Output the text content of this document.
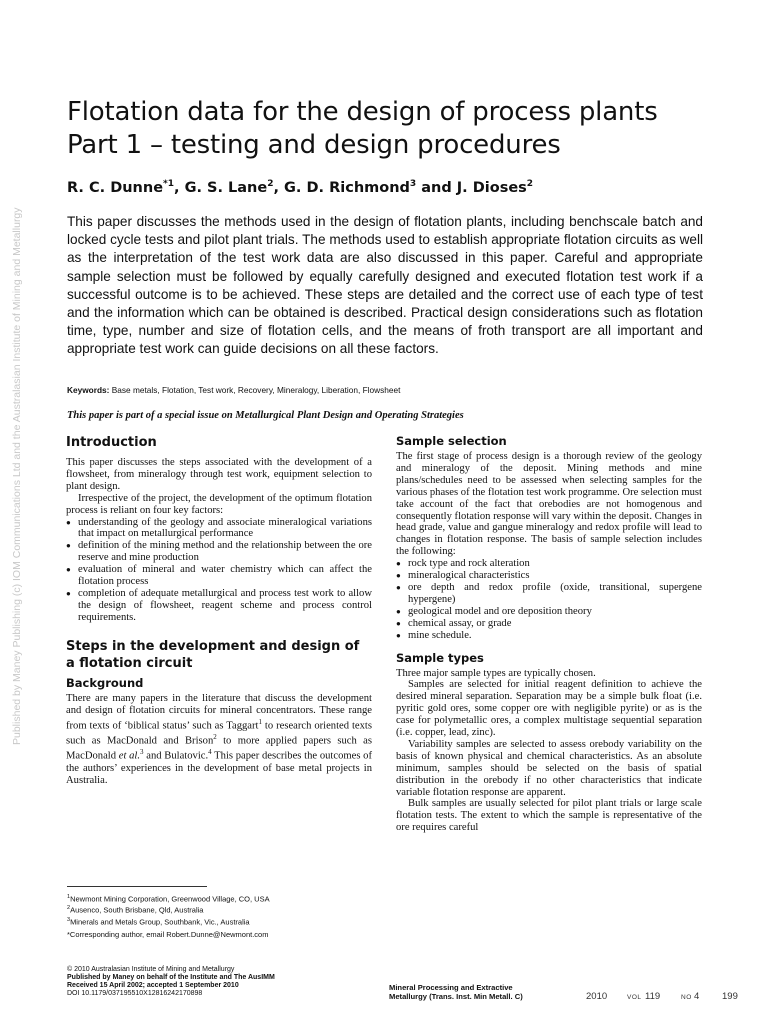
Published by Maney Publishing (c) IOM Communications Ltd and the Australasian Institute of Mining and Metallurgy
Flotation data for the design of process plants
Part 1 – testing and design procedures
R. C. Dunne$^{*1}$, G. S. Lane$^2$, G. D. Richmond$^3$ and J. Dioses$^2$
This paper discusses the methods used in the design of flotation plants, including benchscale batch and locked cycle tests and pilot plant trials. The methods used to establish appropriate flotation circuits as well as the interpretation of the test work data are also discussed in this paper. Careful and appropriate sample selection must be followed by equally carefully designed and executed flotation test work if a successful outcome is to be achieved. These steps are detailed and the correct use of each type of test and the information which can be obtained is described. Practical design considerations such as flotation time, type, number and size of flotation cells, and the means of froth transport are all important and appropriate test work can guide decisions on all these factors.
Keywords: Base metals, Flotation, Test work, Recovery, Mineralogy, Liberation, Flowsheet
This paper is part of a special issue on Metallurgical Plant Design and Operating Strategies
Introduction

This paper discusses the steps associated with the development of a flowsheet, from mineralogy through test work, equipment selection to plant design.

Irrespective of the project, the development of the optimum flotation process is reliant on four key factors:

● understanding of the geology and associate mineralogical variations that impact on metallurgical performance
● definition of the mining method and the relationship between the ore reserve and mine production
● evaluation of mineral and water chemistry which can affect the flotation process
● completion of adequate metallurgical and process test work to allow the design of flowsheet, reagent scheme and process control requirements.
Steps in the development and design of a flotation circuit
Background

There are many papers in the literature that discuss the development and design of flotation circuits for mineral concentrators. These range from texts of ‘biblical status’ such as Taggart$^1$ to research oriented texts such as MacDonald and Brison$^2$ to more applied papers such as MacDonald et al.$^3$ and Bulatovic.$^4$ This paper describes the outcomes of the authors’ experiences in the development of base metal projects in Australia.

$^1$Newmont Mining Corporation, Greenwood Village, CO, USA
$^2$Ausenco, South Brisbane, Qld, Australia
$^3$Minerals and Metals Group, Southbank, Vic., Australia
*Corresponding author, email Robert.Dunne@Newmont.com
Sample selection

The first stage of process design is a thorough review of the geology and mineralogy of the deposit. Mining methods and mine plans/schedules need to be assessed when selecting samples for the various phases of the flotation test work programme. Ore selection must take account of the fact that orebodies are not homogenous and consequently flotation response will vary within the deposit. Changes in head grade, value and gangue mineralogy and redox profile will lead to changes in flotation response. The basis of sample selection includes the following:

● rock type and rock alteration
● mineralogical characteristics
● ore depth and redox profile (oxide, transitional, supergene hypergene)
● geological model and ore deposition theory
● chemical assay, or grade
● mine schedule.
Sample types

Three major sample types are typically chosen.

Samples are selected for initial reagent definition to achieve the desired mineral separation. Separation may be a simple bulk float (i.e. pyritic gold ores, some copper ore with negligible pyrite) or as is the case for polymetallic ores, a complex multistage sequential separation (i.e. copper, lead, zinc).

Variability samples are selected to assess orebody variability on the basis of known physical and chemical characteristics. As an absolute minimum, samples should be selected on the basis of spatial distribution in the orebody if no other characteristics that indicate variable flotation response are apparent.

Bulk samples are usually selected for pilot plant trials or large scale flotation tests. The extent to which the sample is representative of the ore requires careful

© 2010 Australasian Institute of Mining and Metallurgy
Published by Maney on behalf of the Institute and The AusIMM
Received 15 April 2002; accepted 1 September 2010
DOI 10.1179/037195510X12816242170898
Mineral Processing and Extractive
Metallurgy (Trans. Inst. Min Metall. C)	2010	VOL 119	NO 4 199
